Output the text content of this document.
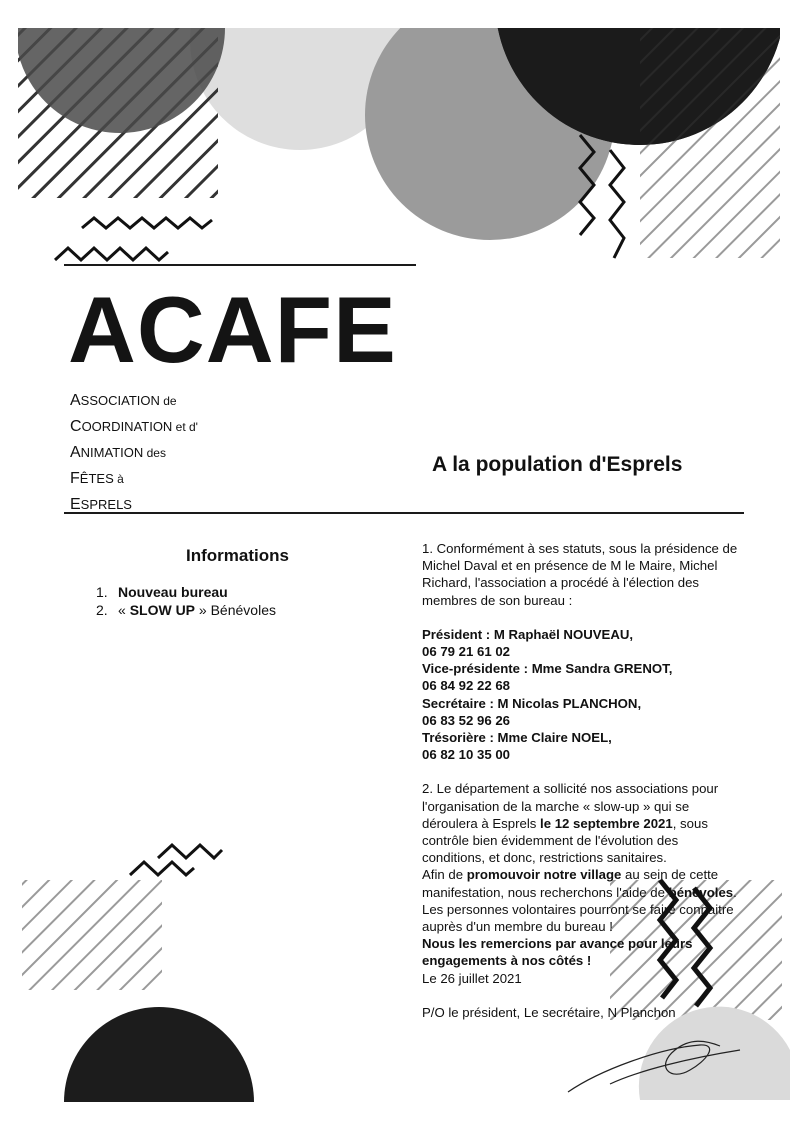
ACAFE
ASSOCIATION de
COORDINATION et d'
ANIMATION des
FÊTES à
ESPRELS
A la population d'Esprels
Informations
1. Nouveau bureau
2. « SLOW UP » Bénévoles

1. Conformément à ses statuts, sous la présidence de Michel Daval et en présence de M le Maire, Michel Richard, l'association a procédé à l'élection des membres de son bureau :

Président : M Raphaël NOUVEAU,

06 79 21 61 02

Vice-présidente : Mme Sandra GRENOT,

06 84 92 22 68

Secrétaire : M Nicolas PLANCHON,

06 83 52 96 26

Trésorière : Mme Claire NOEL,

06 82 10 35 00

2. Le département a sollicité nos associations pour l'organisation de la marche « slow-up » qui se déroulera à Esprels le 12 septembre 2021, sous contrôle bien évidemment de l'évolution des conditions, et donc, restrictions sanitaires.

Afin de promouvoir notre village au sein de cette manifestation, nous recherchons l'aide de bénévoles.

Les personnes volontaires pourront se faire connaitre auprès d'un membre du bureau !

Nous les remercions par avance pour leurs engagements à nos côtés !

Le 26 juillet 2021

P/O le président, Le secrétaire, N Planchon
